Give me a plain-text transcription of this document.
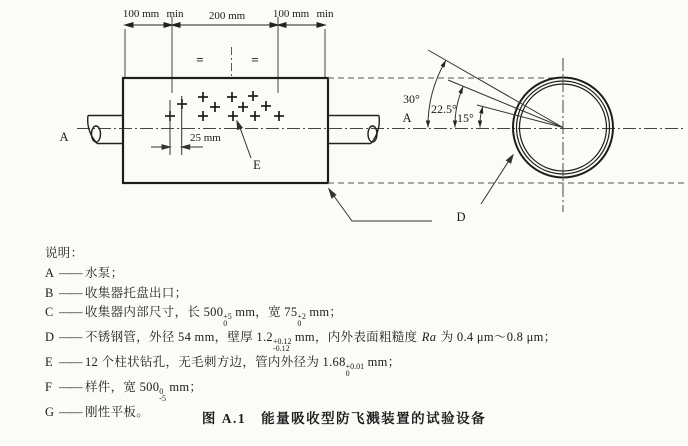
100 mm min 200 mm	100 mm min
=	=
A	25 mm
E
30°
22.5°
15°
A
D
说明：
A —— 水泵；
B —— 收集器托盘出口；
C —— 收集器内部尺寸，长 500 +5
0
mm，宽 75 +2
0
mm；
D —— 不锈钢管，外径 54 mm，壁厚 1.2 +0.12
-0.12
mm，内外表面粗糙度 Ra 为 0.4 μm～0.8 μm；
E —— 12 个柱状钻孔，无毛刺方边，管内外径为 1.68 +0.01
0
mm；
F —— 样件，宽 500 0
-5
mm；
G —— 刚性平板。	图 A.1　能量吸收型防飞溅装置的试验设备
